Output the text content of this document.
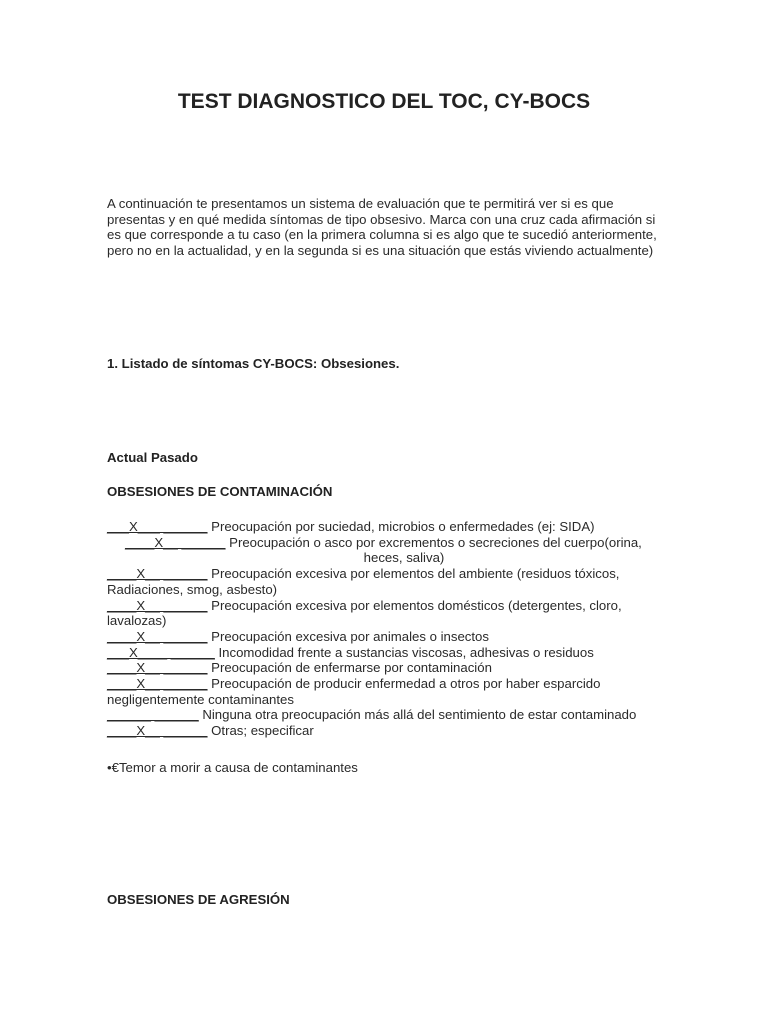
TEST DIAGNOSTICO DEL TOC, CY-BOCS
A continuación te presentamos un sistema de evaluación que te permitirá ver si es que presentas y en qué medida síntomas de tipo obsesivo. Marca con una cruz cada afirmación si es que corresponde a tu caso (en la primera columna si es algo que te sucedió anteriormente, pero no en la actualidad, y en la segunda si es una situación que estás viviendo actualmente)
1. Listado de síntomas CY-BOCS: Obsesiones.
Actual Pasado
OBSESIONES DE CONTAMINACIÓN
___X___ ______ Preocupación por suciedad, microbios o enfermedades (ej: SIDA)
____X__ ______ Preocupación o asco por excrementos o secreciones del cuerpo(orina,
heces, saliva)
____X__ ______ Preocupación excesiva por elementos del ambiente (residuos tóxicos, Radiaciones, smog, asbesto)
____X__ ______ Preocupación excesiva por elementos domésticos (detergentes, cloro, lavalozas)
____X__ ______ Preocupación excesiva por animales o insectos
___X____ ______ Incomodidad frente a sustancias viscosas, adhesivas o residuos
____X__ ______ Preocupación de enfermarse por contaminación
____X__ ______ Preocupación de producir enfermedad a otros por haber esparcido negligentemente contaminantes
______ ______ Ninguna otra preocupación más allá del sentimiento de estar contaminado
____X__ ______ Otras; especificar
•€Temor a morir a causa de contaminantes
OBSESIONES DE AGRESIÓN
